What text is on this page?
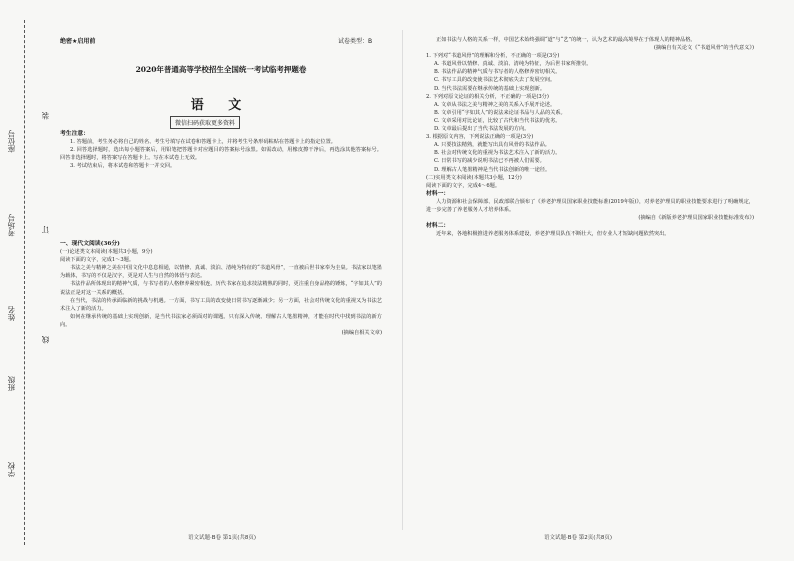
学校
班级
姓名
考场号
座位号
装
订
线
绝密★启用前	试卷类型：B
2020年普通高等学校招生全国统一考试临考押题卷
语 文
微信扫码获取更多资料
考生注意：
1. 答题前，考生务必将自己的姓名、考生号填写在试卷和答题卡上，并将考生号条形码粘贴在答题卡上的指定位置。
2. 回答选择题时，选出每小题答案后，用铅笔把答题卡对应题目的答案标号涂黑。如需改动，用橡皮擦干净后，再选涂其他答案标号。回答非选择题时，将答案写在答题卡上。写在本试卷上无效。
3. 考试结束后，将本试卷和答题卡一并交回。
一、现代文阅读(36分)
(一)论述类文本阅读(本题共3小题，9分)
阅读下面的文字，完成1～3题。
书法之美与精神之美在中国文化中息息相通，以情修、真诚、淡泊、清纯为特征的“书道风骨”，一直被后世书家奉为圭臬。书法家以笔墨为载体，书写的不仅是汉字，更是对人生与自然的体悟与表达。
书法作品所体现出的精神气质，与书写者的人格修养紧密相连。历代书家在追求技法精熟的同时，更注重自身品格的锤炼，“字如其人”的说法正是对这一关系的概括。
在当代，书法的传承面临新的挑战与机遇。一方面，书写工具的改变使日常书写逐渐减少；另一方面，社会对传统文化的重视又为书法艺术注入了新的活力。
如何在继承传统的基础上实现创新，是当代书法家必须面对的课题。只有深入传统、理解古人笔墨精神，才能在时代中找到书法的新方向。
(摘编自相关文章)
正如书法与人格的关系一样，中国艺术始终强调“道”与“艺”的统一，认为艺术的最高境界在于体现人的精神品格。
(摘编自有关论文《“书道风骨”的当代意义》)
1. 下列对“书道风骨”的理解和分析，不正确的一项是(3分)
A. 书道风骨以情修、真诚、淡泊、清纯为特征，为后世书家所推崇。
B. 书法作品的精神气质与书写者的人格修养密切相关。
C. 书写工具的改变使书法艺术彻底失去了发展空间。
D. 当代书法需要在继承传统的基础上实现创新。
2. 下列对原文论证的相关分析，不正确的一项是(3分)
A. 文章从书法之美与精神之美的关系入手展开论述。
B. 文章引用“字如其人”的说法来论证书品与人品的关系。
C. 文章采用对比论证，比较了古代和当代书法的优劣。
D. 文章最后提出了当代书法发展的方向。
3. 根据原文内容，下列说法正确的一项是(3分)
A. 只要技法精熟，就能写出具有风骨的书法作品。
B. 社会对传统文化的重视为书法艺术注入了新的活力。
C. 日常书写的减少说明书法已不再被人们需要。
D. 理解古人笔墨精神是当代书法创新的唯一途径。
(二)实用类文本阅读(本题共3小题，12分)
阅读下面的文字，完成4～6题。
材料一：
人力资源和社会保障部、民政部联合颁布了《养老护理员国家职业技能标准(2019年版)》，对养老护理员的职业技能要求进行了明确规定，进一步完善了养老服务人才培养体系。
(摘编自《新版养老护理员国家职业技能标准发布》)
材料二：
近年来，各地积极推进养老服务体系建设，养老护理员队伍不断壮大，但专业人才短缺问题依然突出。
语文试题·B卷 第1页(共8页)	语文试题·B卷 第2页(共8页)
